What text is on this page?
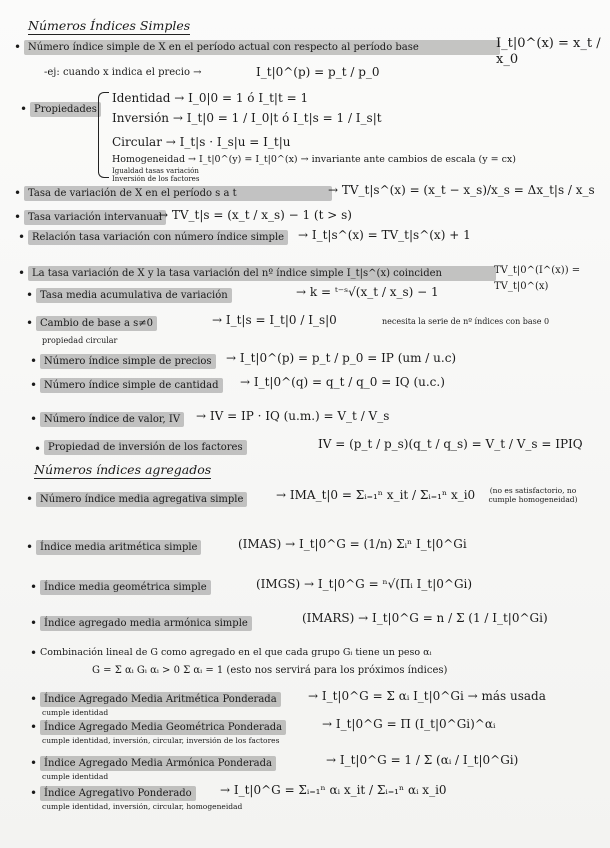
Números Índices Simples
• Número índice simple de X en el período actual con respecto al período base	I_t|0^(x) = x_t / x_0
-ej: cuando x indica el precio →	I_t|0^(p) = p_t / p_0
• Propiedades
Identidad → I_0|0 = 1 ó I_t|t = 1
Inversión → I_t|0 = 1 / I_0|t ó I_t|s = 1 / I_s|t
Circular → I_t|s · I_s|u = I_t|u
Homogeneidad → I_t|0^(y) = I_t|0^(x) → invariante ante cambios de escala (y = cx)
Igualdad tasas variación
Inversión de los factores
• Tasa de variación de X en el período s a t	→ TV_t|s^(x) = (x_t − x_s)/x_s = Δx_t|s / x_s
• Tasa variación intervanual
→ TV_t|s = (x_t / x_s) − 1 (t > s)
• Relación tasa variación con número índice simple	→ I_t|s^(x) = TV_t|s^(x) + 1
• La tasa variación de X y la tasa variación del nº índice simple I_t|s^(x) coinciden	TV_t|0^(I^(x)) = TV_t|0^(x)
• Tasa media acumulativa de variación	→ k = ᵗ⁻ˢ√(x_t / x_s) − 1
• Cambio de base a s≠0	→ I_t|s = I_t|0 / I_s|0	necesita la serie de nº índices con base 0
propiedad circular
• Número índice simple de precios	→ I_t|0^(p) = p_t / p_0 = IP (um / u.c)
• Número índice simple de cantidad	→ I_t|0^(q) = q_t / q_0 = IQ (u.c.)
• Número índice de valor, IV	→ IV = IP · IQ (u.m.) = V_t / V_s
• Propiedad de inversión de los factores	IV = (p_t / p_s)(q_t / q_s) = V_t / V_s = IPIQ
Números índices agregados
• Número índice media agregativa simple	→ IMA_t|0 = Σᵢ₌₁ⁿ x_it / Σᵢ₌₁ⁿ x_i0	(no es satisfactorio, no cumple homogeneidad)
• Índice media aritmética simple	(IMAS) → I_t|0^G = (1/n) Σᵢⁿ I_t|0^Gi
• Índice media geométrica simple	(IMGS) → I_t|0^G = ⁿ√(Πᵢ I_t|0^Gi)
• Índice agregado media armónica simple	(IMARS) → I_t|0^G = n / Σ (1 / I_t|0^Gi)
• Combinación lineal de G como agregado en el que cada grupo Gᵢ tiene un peso αᵢ
G = Σ αᵢ Gᵢ αᵢ > 0 Σ αᵢ = 1 (esto nos servirá para los próximos índices)
• Índice Agregado Media Aritmética Ponderada	→ I_t|0^G = Σ αᵢ I_t|0^Gi → más usada
cumple identidad
• Índice Agregado Media Geométrica Ponderada	→ I_t|0^G = Π (I_t|0^Gi)^αᵢ
cumple identidad, inversión, circular, inversión de los factores
• Índice Agregado Media Armónica Ponderada	→ I_t|0^G = 1 / Σ (αᵢ / I_t|0^Gi)
cumple identidad
• Índice Agregativo Ponderado	→ I_t|0^G = Σᵢ₌₁ⁿ αᵢ x_it / Σᵢ₌₁ⁿ αᵢ x_i0
cumple identidad, inversión, circular, homogeneidad
